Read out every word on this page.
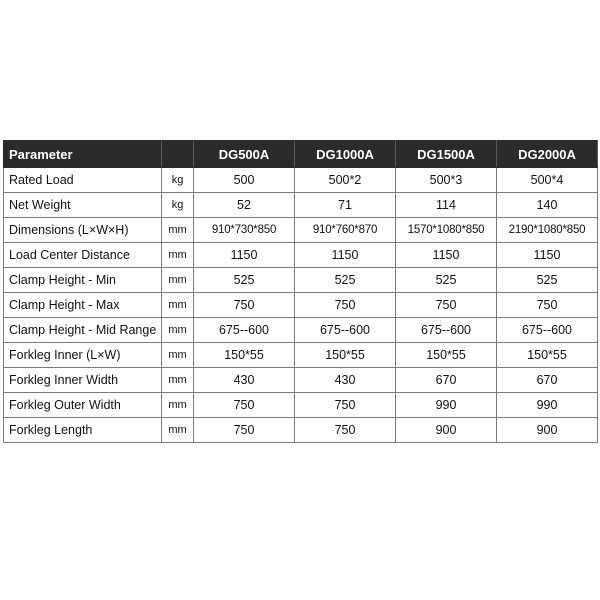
Parameter		DG500A	DG1000A	DG1500A	DG2000A
Rated Load	kg	500	500*2	500*3	500*4
Net Weight	kg	52	71	114	140
Dimensions (L×W×H)	mm	910*730*850	910*760*870	1570*1080*850	2190*1080*850
Load Center Distance	mm	1150	1150	1150	1150
Clamp Height - Min	mm	525	525	525	525
Clamp Height - Max	mm	750	750	750	750
Clamp Height - Mid Range	mm	675--600	675--600	675--600	675--600
Forkleg Inner (L×W)	mm	150*55	150*55	150*55	150*55
Forkleg Inner Width	mm	430	430	670	670
Forkleg Outer Width	mm	750	750	990	990
Forkleg Length	mm	750	750	900	900
